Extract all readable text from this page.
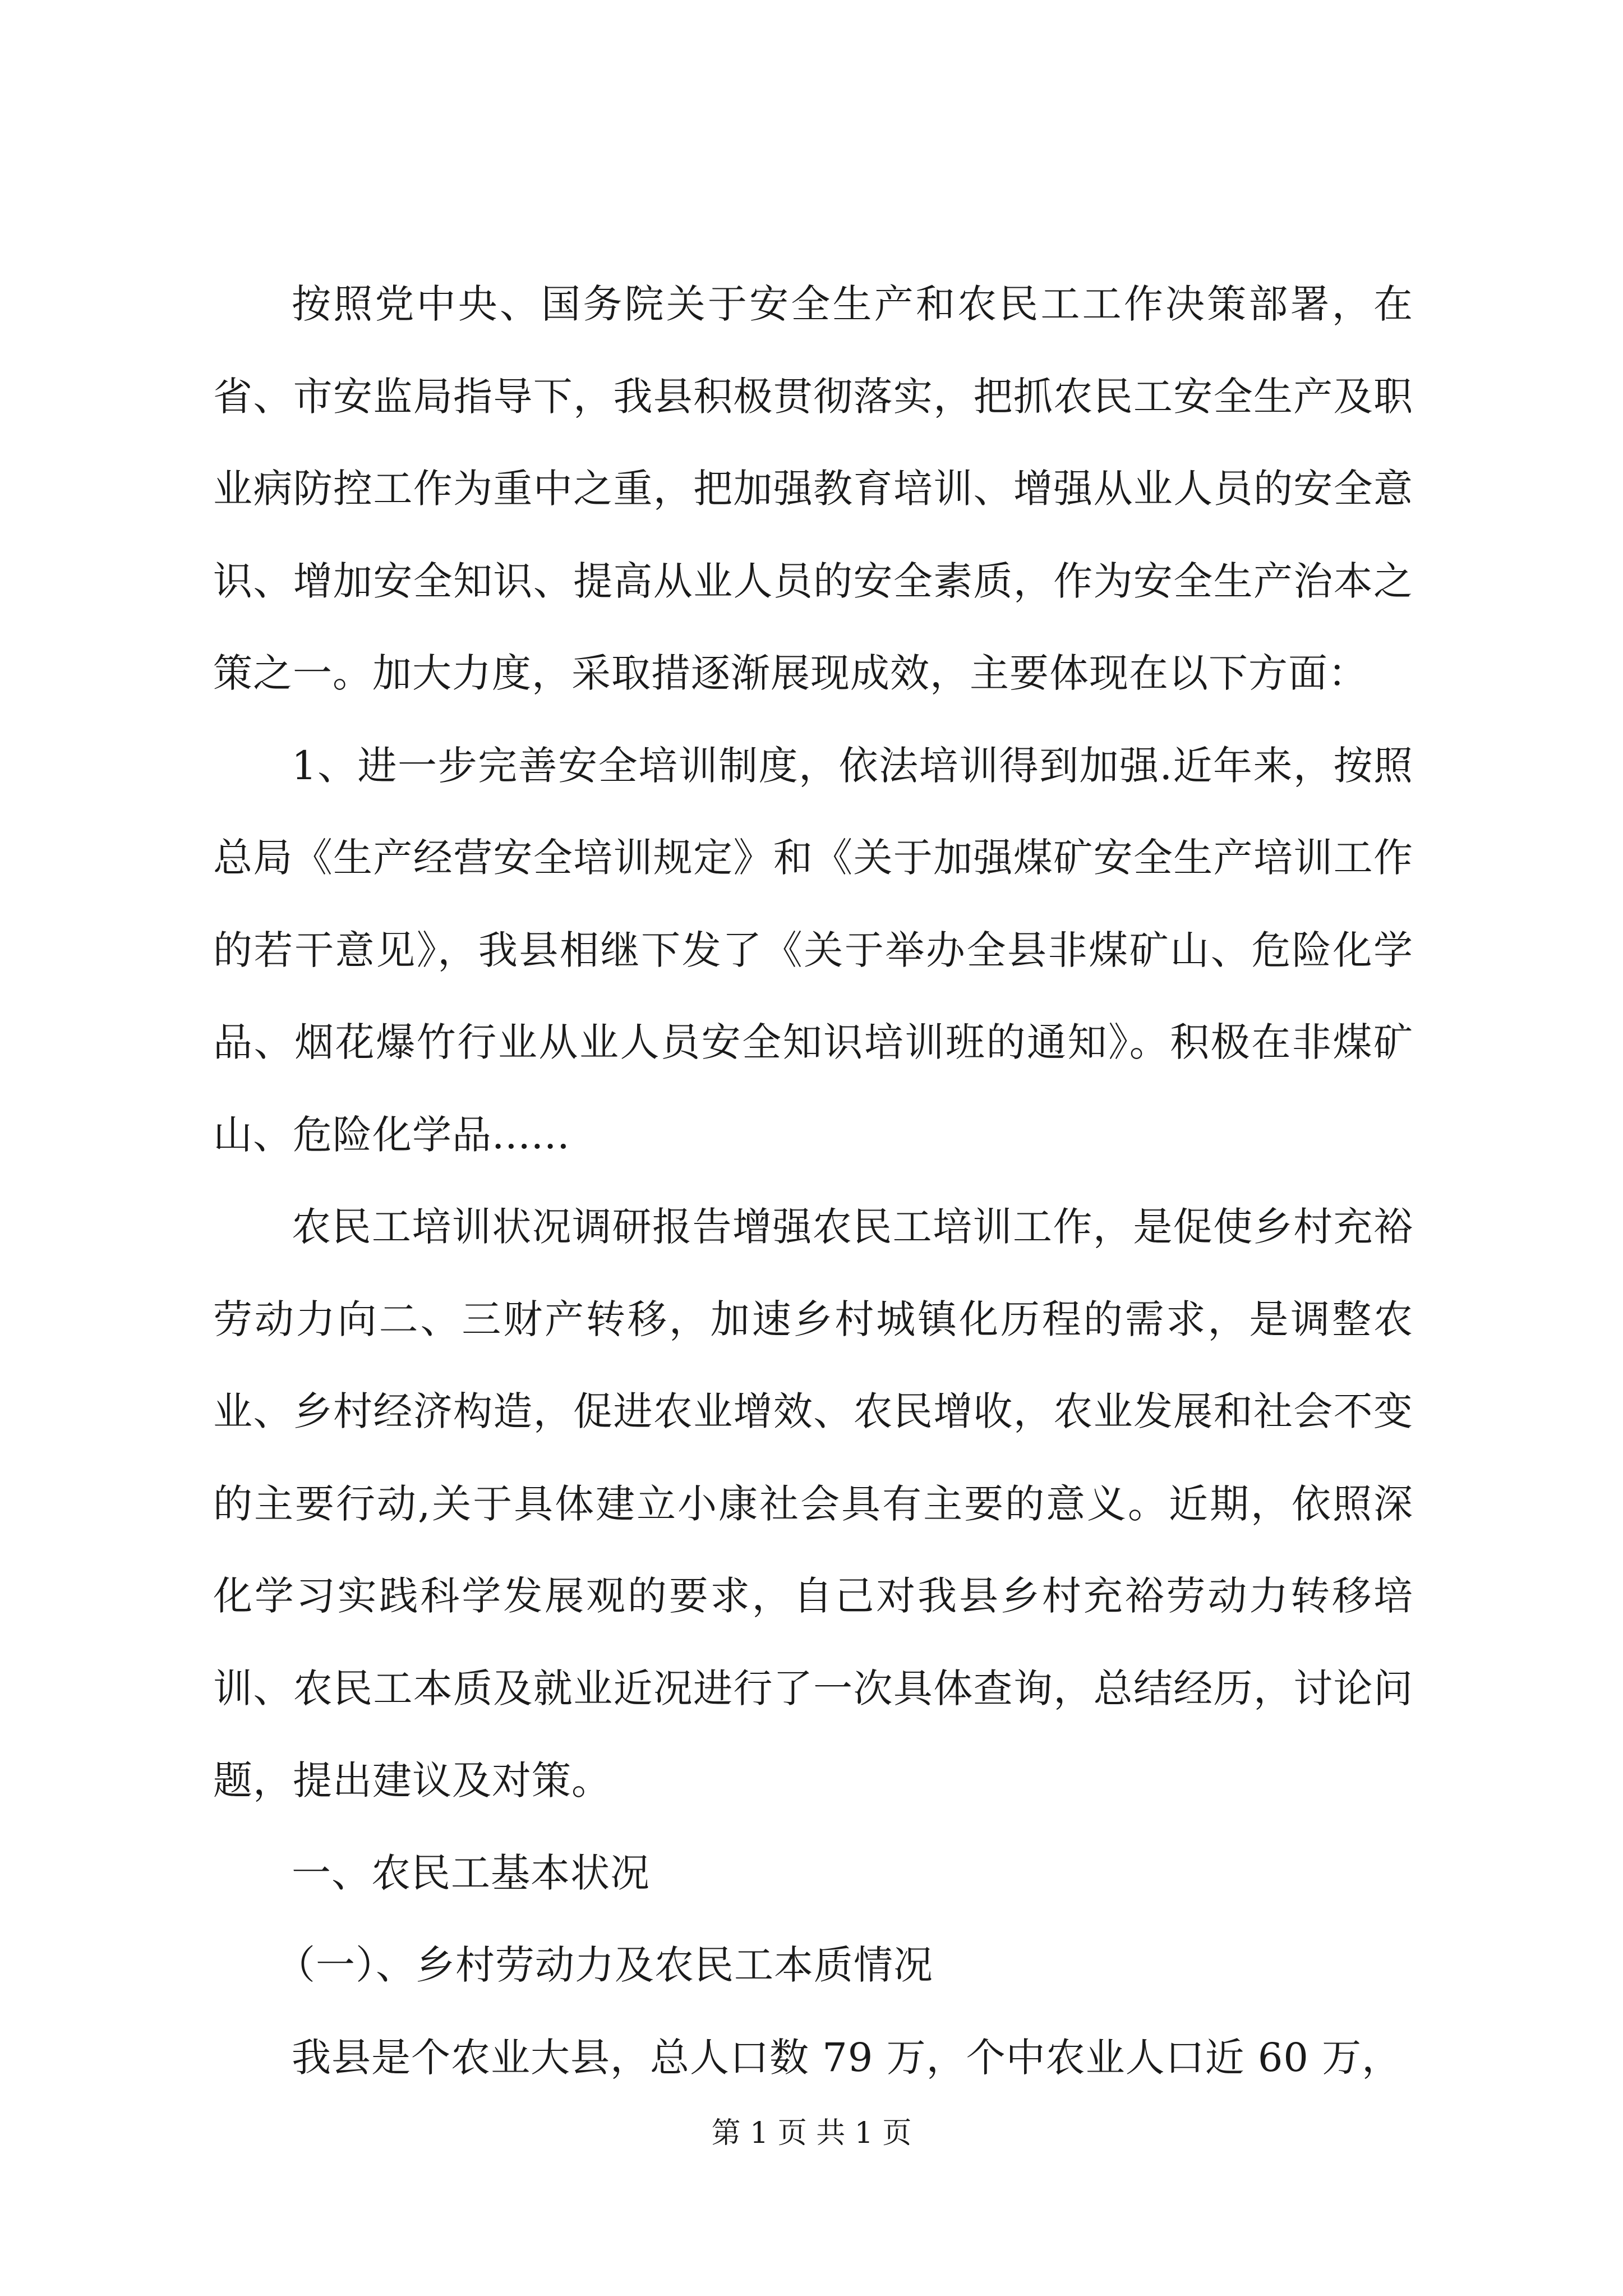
按照党中央、国务院关于安全生产和农民工工作决策部署，在省、市安监局指导下，我县积极贯彻落实，把抓农民工安全生产及职业病防控工作为重中之重，把加强教育培训、增强从业人员的安全意识、增加安全知识、提高从业人员的安全素质，作为安全生产治本之策之一。加大力度，采取措逐渐展现成效，主要体现在以下方面：

1、进一步完善安全培训制度，依法培训得到加强.近年来，按照总局《生产经营安全培训规定》和《关于加强煤矿安全生产培训工作的若干意见》，我县相继下发了《关于举办全县非煤矿山、危险化学品、烟花爆竹行业从业人员安全知识培训班的通知》。积极在非煤矿山、危险化学品......

农民工培训状况调研报告增强农民工培训工作，是促使乡村充裕劳动力向二、三财产转移，加速乡村城镇化历程的需求，是调整农业、乡村经济构造，促进农业增效、农民增收，农业发展和社会不变的主要行动,关于具体建立小康社会具有主要的意义。近期，依照深化学习实践科学发展观的要求，自己对我县乡村充裕劳动力转移培训、农民工本质及就业近况进行了一次具体查询，总结经历，讨论问题，提出建议及对策。

一、农民工基本状况

（一）、乡村劳动力及农民工本质情况

我县是个农业大县，总人口数 79 万，个中农业人口近 60 万，

第 1 页 共 1 页
